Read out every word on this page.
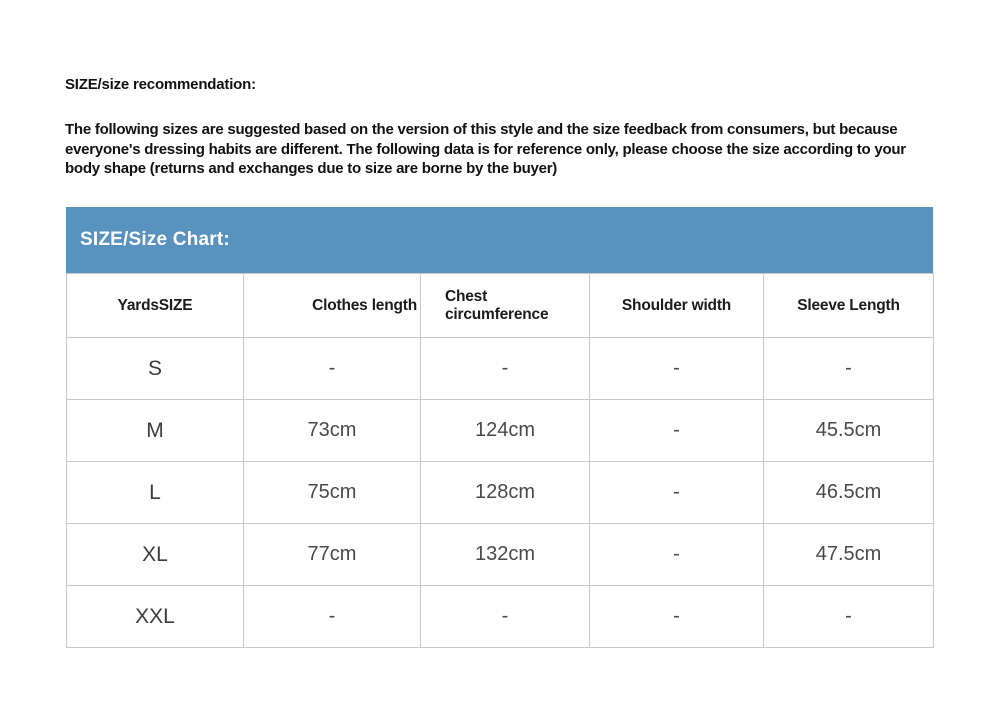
SIZE/size recommendation:
The following sizes are suggested based on the version of this style and the size feedback from consumers, but because everyone's dressing habits are different. The following data is for reference only, please choose the size according to your body shape (returns and exchanges due to size are borne by the buyer)
SIZE/Size Chart:
YardsSIZE	Clothes length	Chest circumference	Shoulder width	Sleeve Length
S	-	-	-	-
M	73cm	124cm	-	45.5cm
L	75cm	128cm	-	46.5cm
XL	77cm	132cm	-	47.5cm
XXL	-	-	-	-
